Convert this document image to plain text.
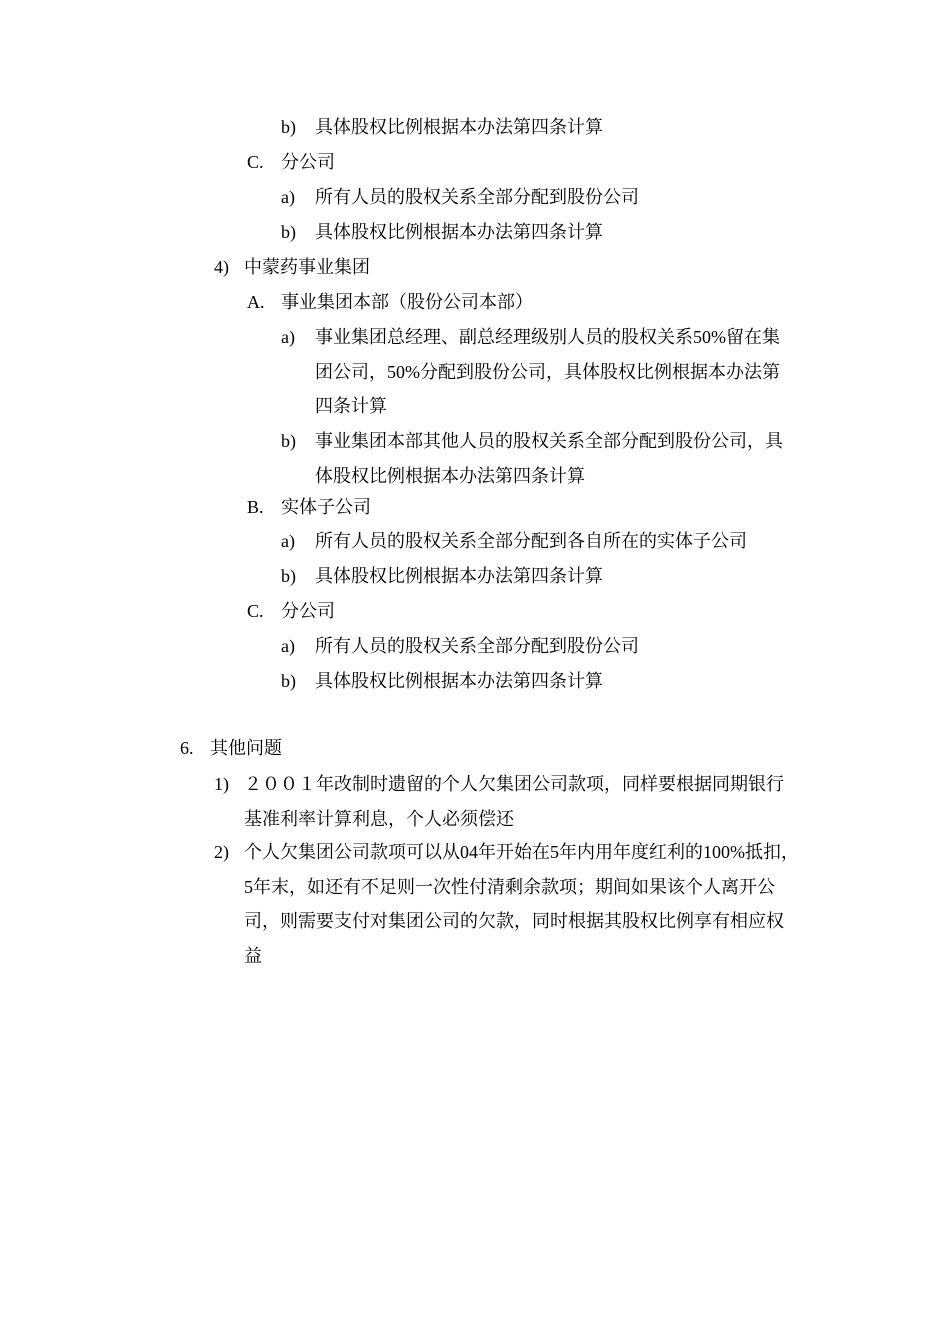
b)	具体股权比例根据本办法第四条计算
C. 分公司
a)	所有人员的股权关系全部分配到股份公司
b)	具体股权比例根据本办法第四条计算
4) 中蒙药事业集团
A. 事业集团本部（股份公司本部）
a)	事业集团总经理、副总经理级别人员的股权关系50%留在集团公司，50%分配到股份公司，具体股权比例根据本办法第四条计算
b)	事业集团本部其他人员的股权关系全部分配到股份公司，具体股权比例根据本办法第四条计算
B. 实体子公司
a)	所有人员的股权关系全部分配到各自所在的实体子公司
b)	具体股权比例根据本办法第四条计算
C. 分公司
a)	所有人员的股权关系全部分配到股份公司
b)	具体股权比例根据本办法第四条计算
6. 其他问题
1) ２００１年改制时遗留的个人欠集团公司款项，同样要根据同期银行基准利率计算利息，个人必须偿还
2) 个人欠集团公司款项可以从04年开始在5年内用年度红利的100%抵扣，5年末，如还有不足则一次性付清剩余款项；期间如果该个人离开公司，则需要支付对集团公司的欠款，同时根据其股权比例享有相应权益
